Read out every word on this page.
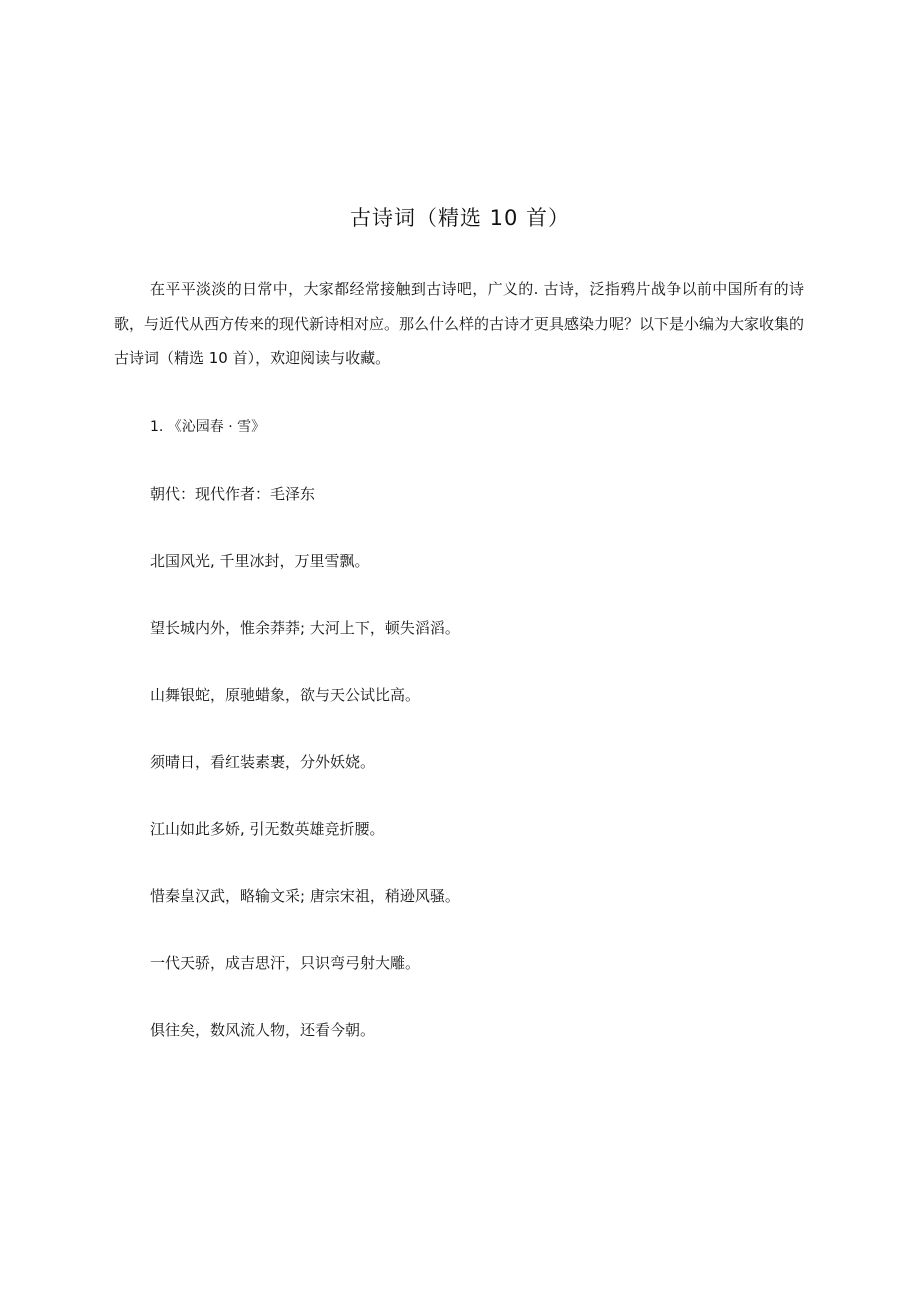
古诗词（精选 10 首）

在平平淡淡的日常中，大家都经常接触到古诗吧，广义的. 古诗，泛指鸦片战争以前中国所有的诗歌，与近代从西方传来的现代新诗相对应。那么什么样的古诗才更具感染力呢？以下是小编为大家收集的古诗词（精选 10 首），欢迎阅读与收藏。

1. 《沁园春 · 雪》

朝代：现代作者：毛泽东

北国风光, 千里冰封，万里雪飘。

望长城内外，惟余莽莽; 大河上下，顿失滔滔。

山舞银蛇，原驰蜡象，欲与天公试比高。

须晴日，看红装素裹，分外妖娆。

江山如此多娇, 引无数英雄竞折腰。

惜秦皇汉武，略输文采; 唐宗宋祖，稍逊风骚。

一代天骄，成吉思汗，只识弯弓射大雕。

俱往矣，数风流人物，还看今朝。
